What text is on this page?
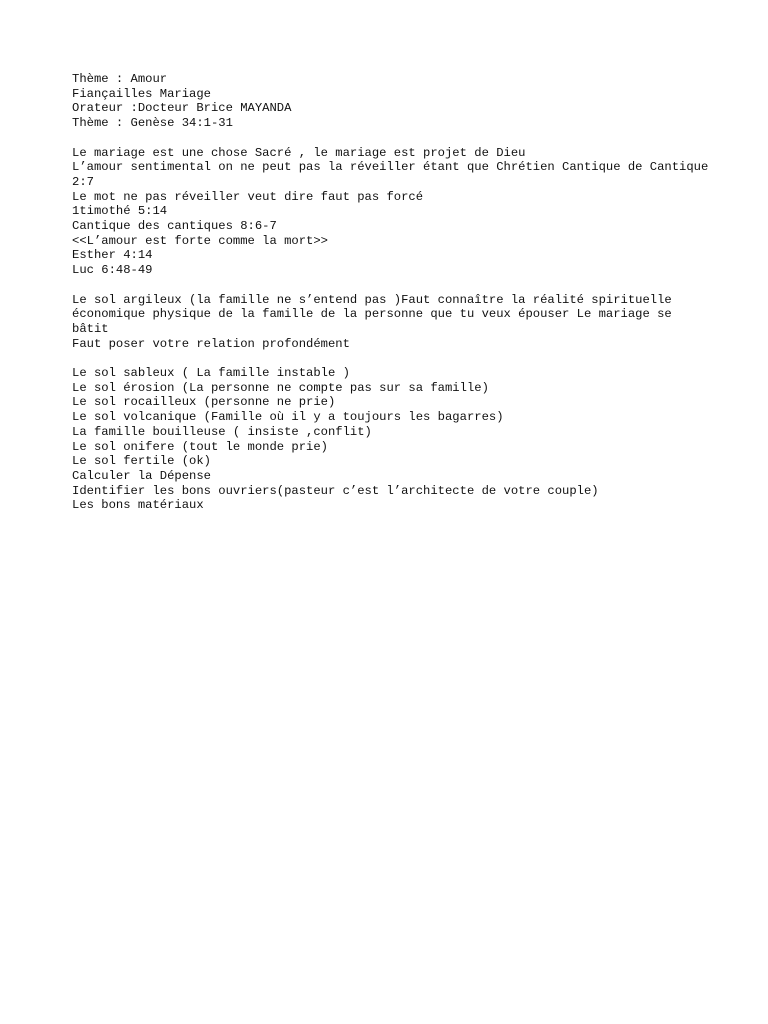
Thème : Amour
Fiançailles Mariage
Orateur :Docteur Brice MAYANDA
Thème : Genèse 34:1-31
Le mariage est une chose Sacré , le mariage est projet de Dieu
L’amour sentimental on ne peut pas la réveiller étant que Chrétien Cantique de Cantique 2:7
Le mot ne pas réveiller veut dire faut pas forcé
1timothé 5:14
Cantique des cantiques 8:6-7
<<L’amour est forte comme la mort>>
Esther 4:14
Luc 6:48-49
Le sol argileux (la famille ne s’entend pas )Faut connaître la réalité spirituelle économique physique de la famille de la personne que tu veux épouser Le mariage se bâtit
Faut poser votre relation profondément
Le sol sableux ( La famille instable )
Le sol érosion (La personne ne compte pas sur sa famille)
Le sol rocailleux (personne ne prie)
Le sol volcanique (Famille où il y a toujours les bagarres)
La famille bouilleuse ( insiste ,conflit)
Le sol onifere (tout le monde prie)
Le sol fertile (ok)
Calculer la Dépense
Identifier les bons ouvriers(pasteur c’est l’architecte de votre couple)
Les bons matériaux
